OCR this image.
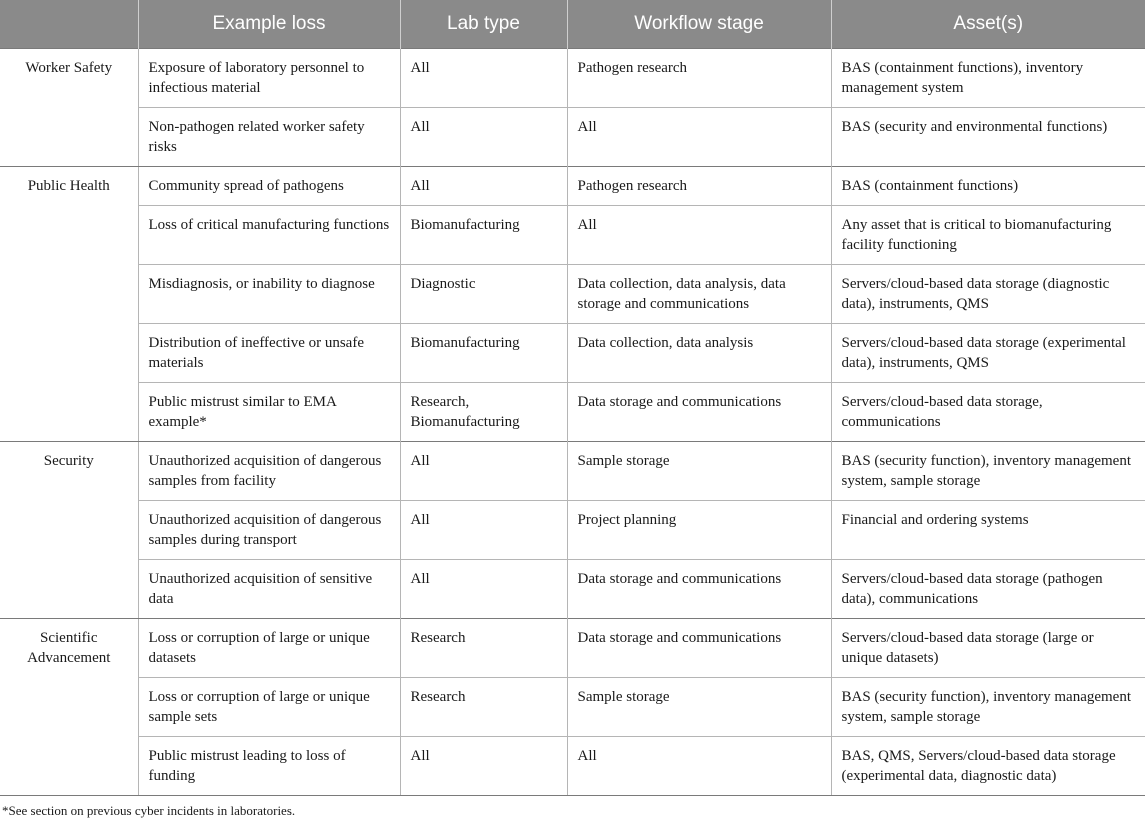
	Example loss	Lab type	Workflow stage	Asset(s)
Worker Safety	Exposure of laboratory personnel to infectious material	All	Pathogen research	BAS (containment functions), inventory management system
	Non-pathogen related worker safety risks	All	All	BAS (security and environmental functions)
Public Health	Community spread of pathogens	All	Pathogen research	BAS (containment functions)
	Loss of critical manufacturing functions	Biomanufacturing	All	Any asset that is critical to biomanufacturing facility functioning
	Misdiagnosis, or inability to diagnose	Diagnostic	Data collection, data analysis, data storage and communications	Servers/cloud-based data storage (diagnostic data), instruments, QMS
	Distribution of ineffective or unsafe materials	Biomanufacturing	Data collection, data analysis	Servers/cloud-based data storage (experimental data), instruments, QMS
	Public mistrust similar to EMA example*	Research, Biomanufacturing	Data storage and communications	Servers/cloud-based data storage, communications
Security	Unauthorized acquisition of dangerous samples from facility	All	Sample storage	BAS (security function), inventory management system, sample storage
	Unauthorized acquisition of dangerous samples during transport	All	Project planning	Financial and ordering systems
	Unauthorized acquisition of sensitive data	All	Data storage and communications	Servers/cloud-based data storage (pathogen data), communications
Scientific Advancement	Loss or corruption of large or unique datasets	Research	Data storage and communications	Servers/cloud-based data storage (large or unique datasets)
	Loss or corruption of large or unique sample sets	Research	Sample storage	BAS (security function), inventory management system, sample storage
	Public mistrust leading to loss of funding	All	All	BAS, QMS, Servers/cloud-based data storage (experimental data, diagnostic data)

*See section on previous cyber incidents in laboratories.
